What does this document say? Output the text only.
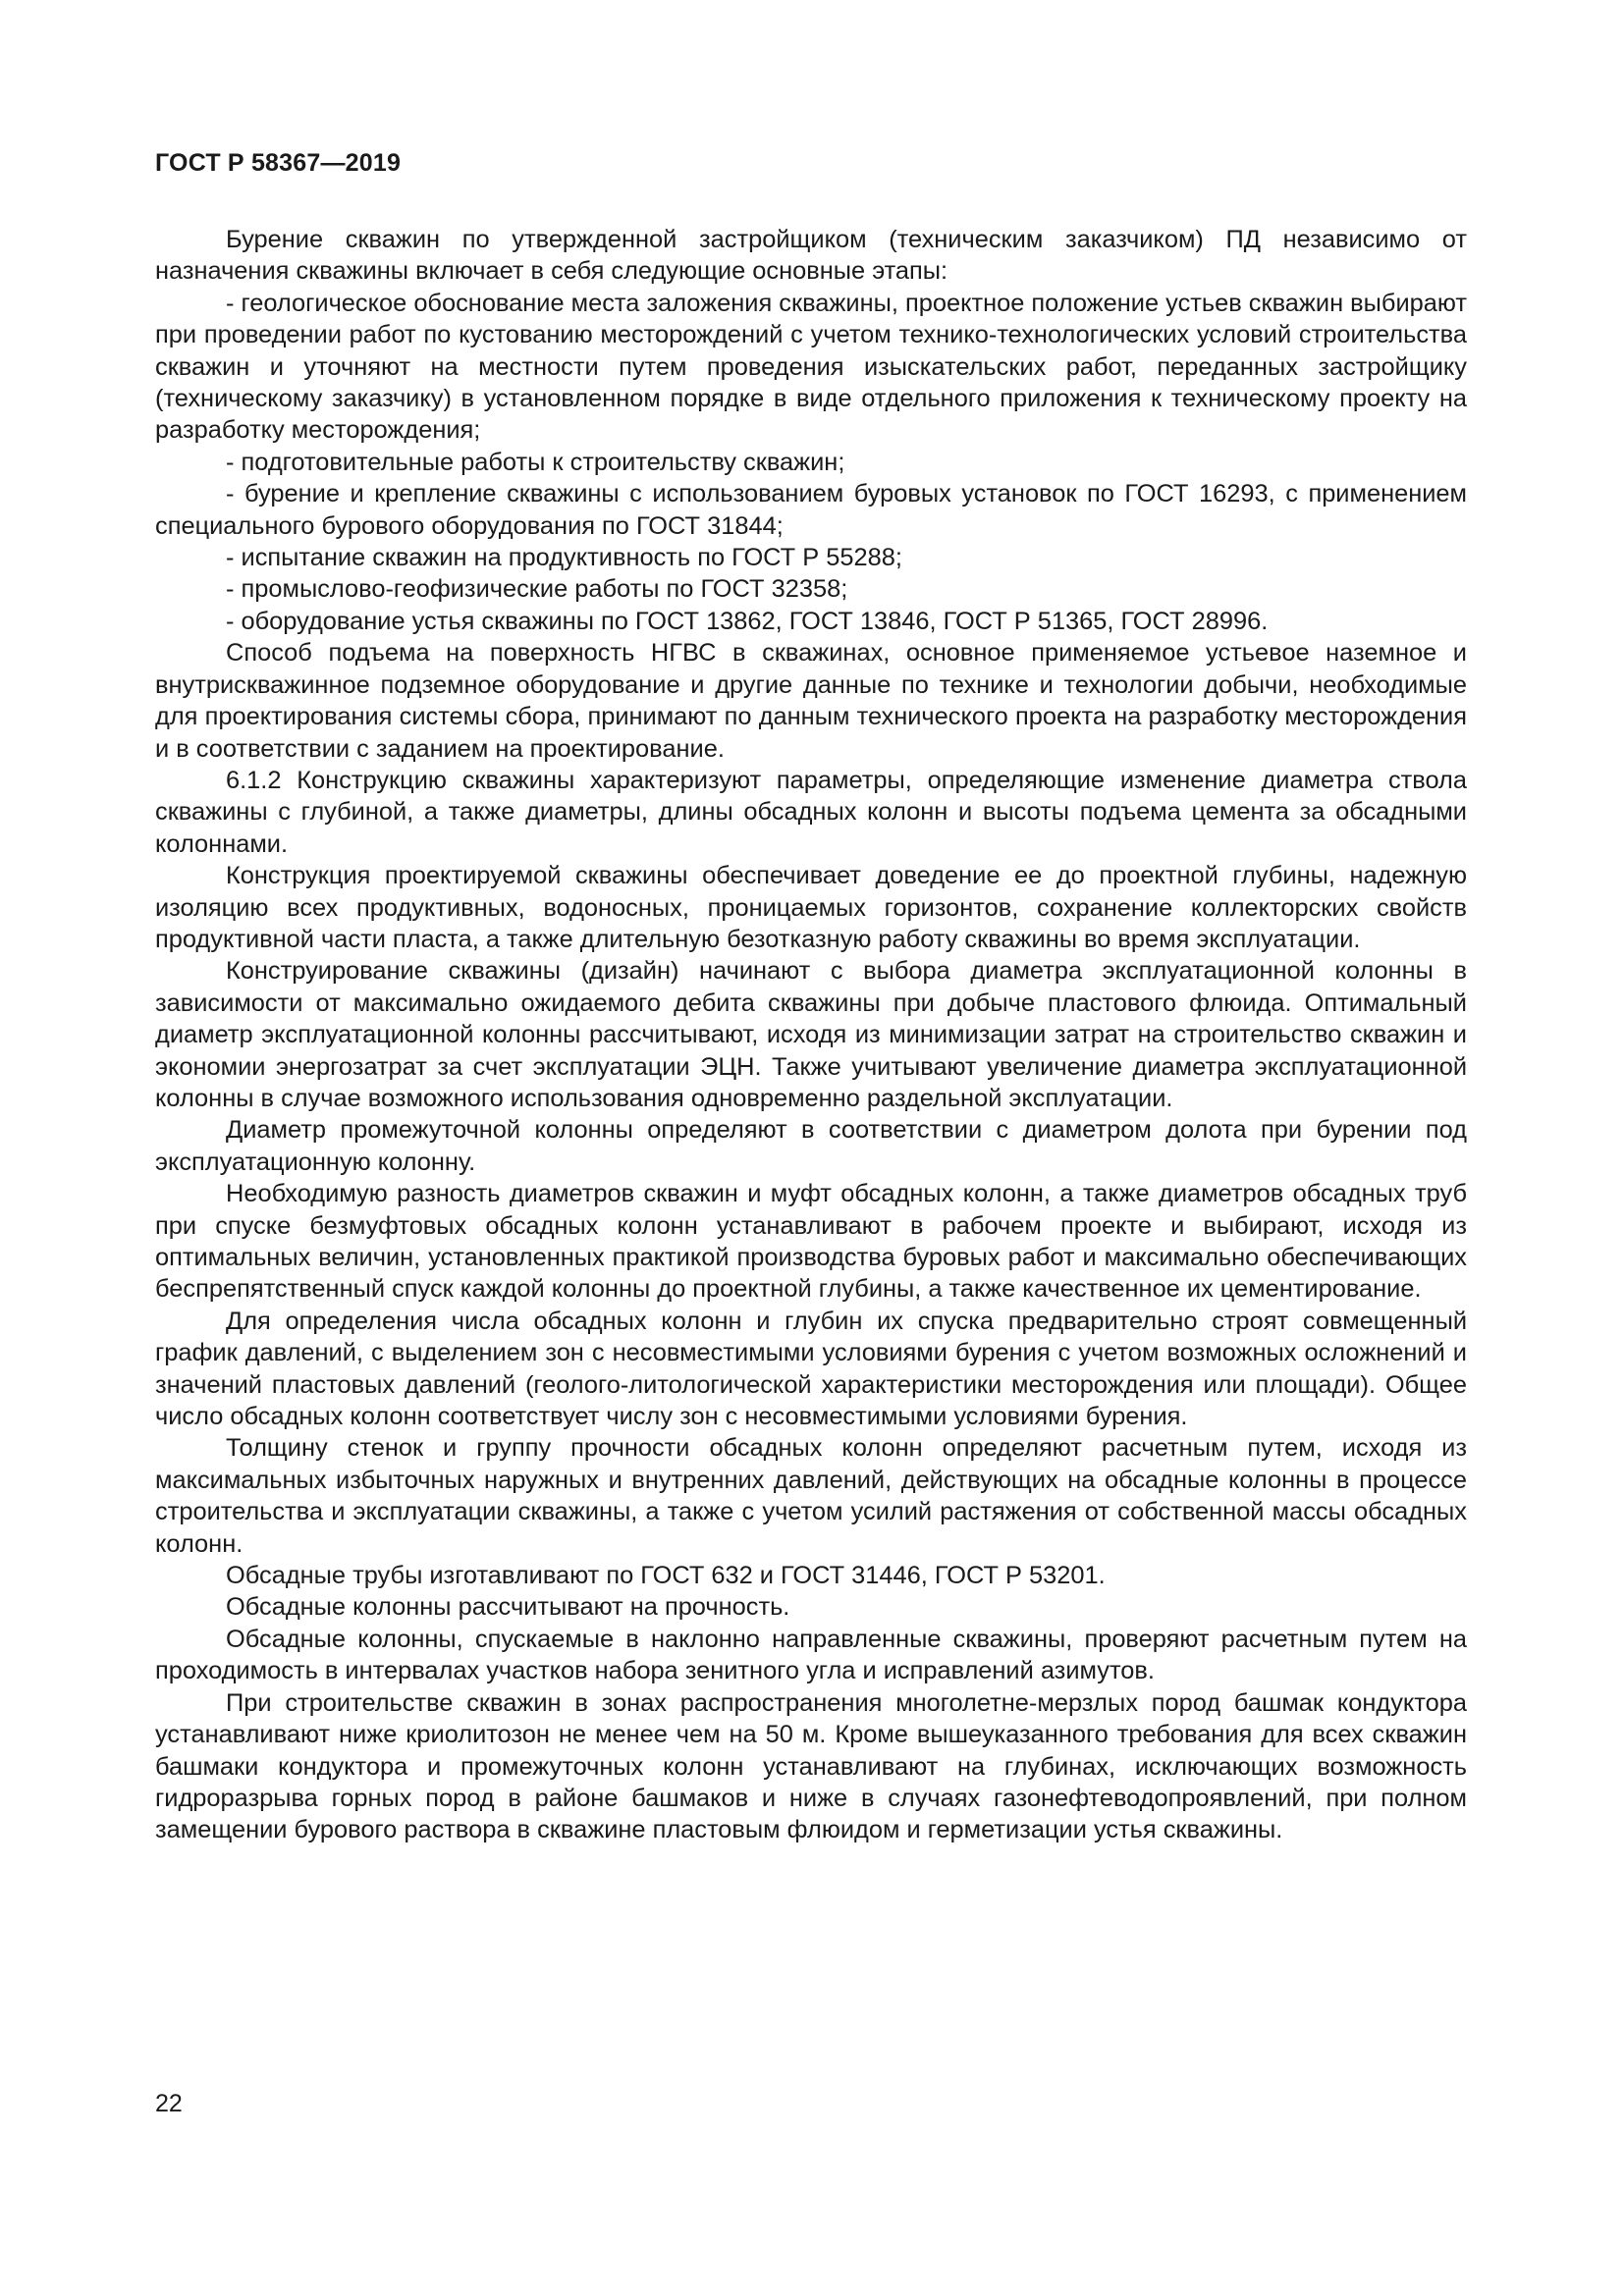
ГОСТ Р 58367—2019

Бурение скважин по утвержденной застройщиком (техническим заказчиком) ПД независимо от назначения скважины включает в себя следующие основные этапы:

- геологическое обоснование места заложения скважины, проектное положение устьев скважин выбирают при проведении работ по кустованию месторождений с учетом технико-технологических условий строительства скважин и уточняют на местности путем проведения изыскательских работ, переданных застройщику (техническому заказчику) в установленном порядке в виде отдельного приложения к техническому проекту на разработку месторождения;

- подготовительные работы к строительству скважин;

- бурение и крепление скважины с использованием буровых установок по ГОСТ 16293, с применением специального бурового оборудования по ГОСТ 31844;

- испытание скважин на продуктивность по ГОСТ Р 55288;

- промыслово-геофизические работы по ГОСТ 32358;

- оборудование устья скважины по ГОСТ 13862, ГОСТ 13846, ГОСТ Р 51365, ГОСТ 28996.

Способ подъема на поверхность НГВС в скважинах, основное применяемое устьевое наземное и внутрискважинное подземное оборудование и другие данные по технике и технологии добычи, необходимые для проектирования системы сбора, принимают по данным технического проекта на разработку месторождения и в соответствии с заданием на проектирование.

6.1.2 Конструкцию скважины характеризуют параметры, определяющие изменение диаметра ствола скважины с глубиной, а также диаметры, длины обсадных колонн и высоты подъема цемента за обсадными колоннами.

Конструкция проектируемой скважины обеспечивает доведение ее до проектной глубины, надежную изоляцию всех продуктивных, водоносных, проницаемых горизонтов, сохранение коллекторских свойств продуктивной части пласта, а также длительную безотказную работу скважины во время эксплуатации.

Конструирование скважины (дизайн) начинают с выбора диаметра эксплуатационной колонны в зависимости от максимально ожидаемого дебита скважины при добыче пластового флюида. Оптимальный диаметр эксплуатационной колонны рассчитывают, исходя из минимизации затрат на строительство скважин и экономии энергозатрат за счет эксплуатации ЭЦН. Также учитывают увеличение диаметра эксплуатационной колонны в случае возможного использования одновременно раздельной эксплуатации.

Диаметр промежуточной колонны определяют в соответствии с диаметром долота при бурении под эксплуатационную колонну.

Необходимую разность диаметров скважин и муфт обсадных колонн, а также диаметров обсадных труб при спуске безмуфтовых обсадных колонн устанавливают в рабочем проекте и выбирают, исходя из оптимальных величин, установленных практикой производства буровых работ и максимально обеспечивающих беспрепятственный спуск каждой колонны до проектной глубины, а также качественное их цементирование.

Для определения числа обсадных колонн и глубин их спуска предварительно строят совмещенный график давлений, с выделением зон с несовместимыми условиями бурения с учетом возможных осложнений и значений пластовых давлений (геолого-литологической характеристики месторождения или площади). Общее число обсадных колонн соответствует числу зон с несовместимыми условиями бурения.

Толщину стенок и группу прочности обсадных колонн определяют расчетным путем, исходя из максимальных избыточных наружных и внутренних давлений, действующих на обсадные колонны в процессе строительства и эксплуатации скважины, а также с учетом усилий растяжения от собственной массы обсадных колонн.

Обсадные трубы изготавливают по ГОСТ 632 и ГОСТ 31446, ГОСТ Р 53201.

Обсадные колонны рассчитывают на прочность.

Обсадные колонны, спускаемые в наклонно направленные скважины, проверяют расчетным путем на проходимость в интервалах участков набора зенитного угла и исправлений азимутов.

При строительстве скважин в зонах распространения многолетне-мерзлых пород башмак кондуктора устанавливают ниже криолитозон не менее чем на 50 м. Кроме вышеуказанного требования для всех скважин башмаки кондуктора и промежуточных колонн устанавливают на глубинах, исключающих возможность гидроразрыва горных пород в районе башмаков и ниже в случаях газонефтеводопроявлений, при полном замещении бурового раствора в скважине пластовым флюидом и герметизации устья скважины.

22
